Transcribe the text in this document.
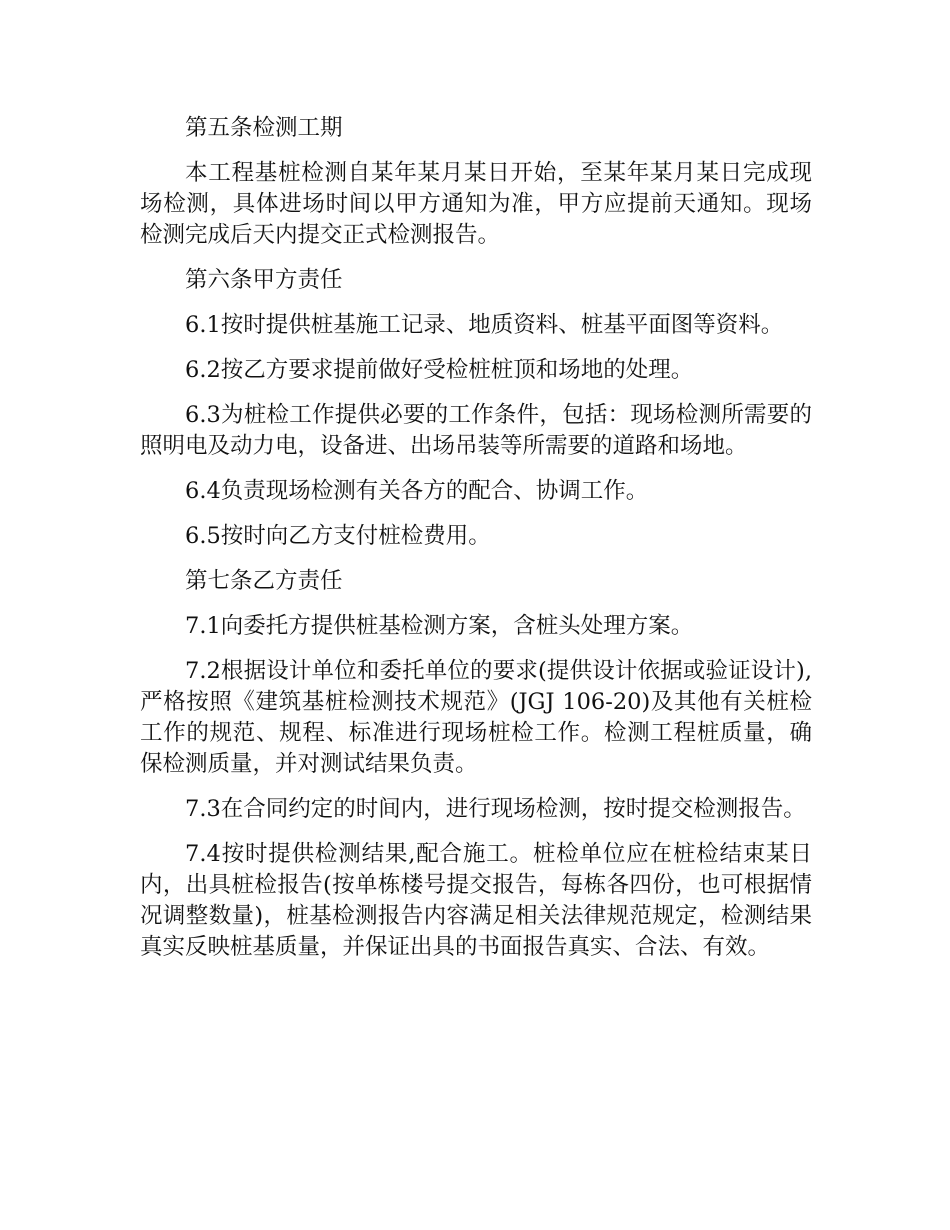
第五条检测工期

本工程基桩检测自某年某月某日开始，至某年某月某日完成现场检测，具体进场时间以甲方通知为准，甲方应提前天通知。现场检测完成后天内提交正式检测报告。

第六条甲方责任

6.1按时提供桩基施工记录、地质资料、桩基平面图等资料。

6.2按乙方要求提前做好受检桩桩顶和场地的处理。

6.3为桩检工作提供必要的工作条件，包括：现场检测所需要的照明电及动力电，设备进、出场吊装等所需要的道路和场地。

6.4负责现场检测有关各方的配合、协调工作。

6.5按时向乙方支付桩检费用。

第七条乙方责任

7.1向委托方提供桩基检测方案，含桩头处理方案。

7.2根据设计单位和委托单位的要求(提供设计依据或验证设计),严格按照《建筑基桩检测技术规范》(JGJ 106-20)及其他有关桩检工作的规范、规程、标准进行现场桩检工作。检测工程桩质量，确保检测质量，并对测试结果负责。

7.3在合同约定的时间内，进行现场检测，按时提交检测报告。

7.4按时提供检测结果,配合施工。桩检单位应在桩检结束某日内，出具桩检报告(按单栋楼号提交报告，每栋各四份，也可根据情况调整数量)，桩基检测报告内容满足相关法律规范规定，检测结果真实反映桩基质量，并保证出具的书面报告真实、合法、有效。
